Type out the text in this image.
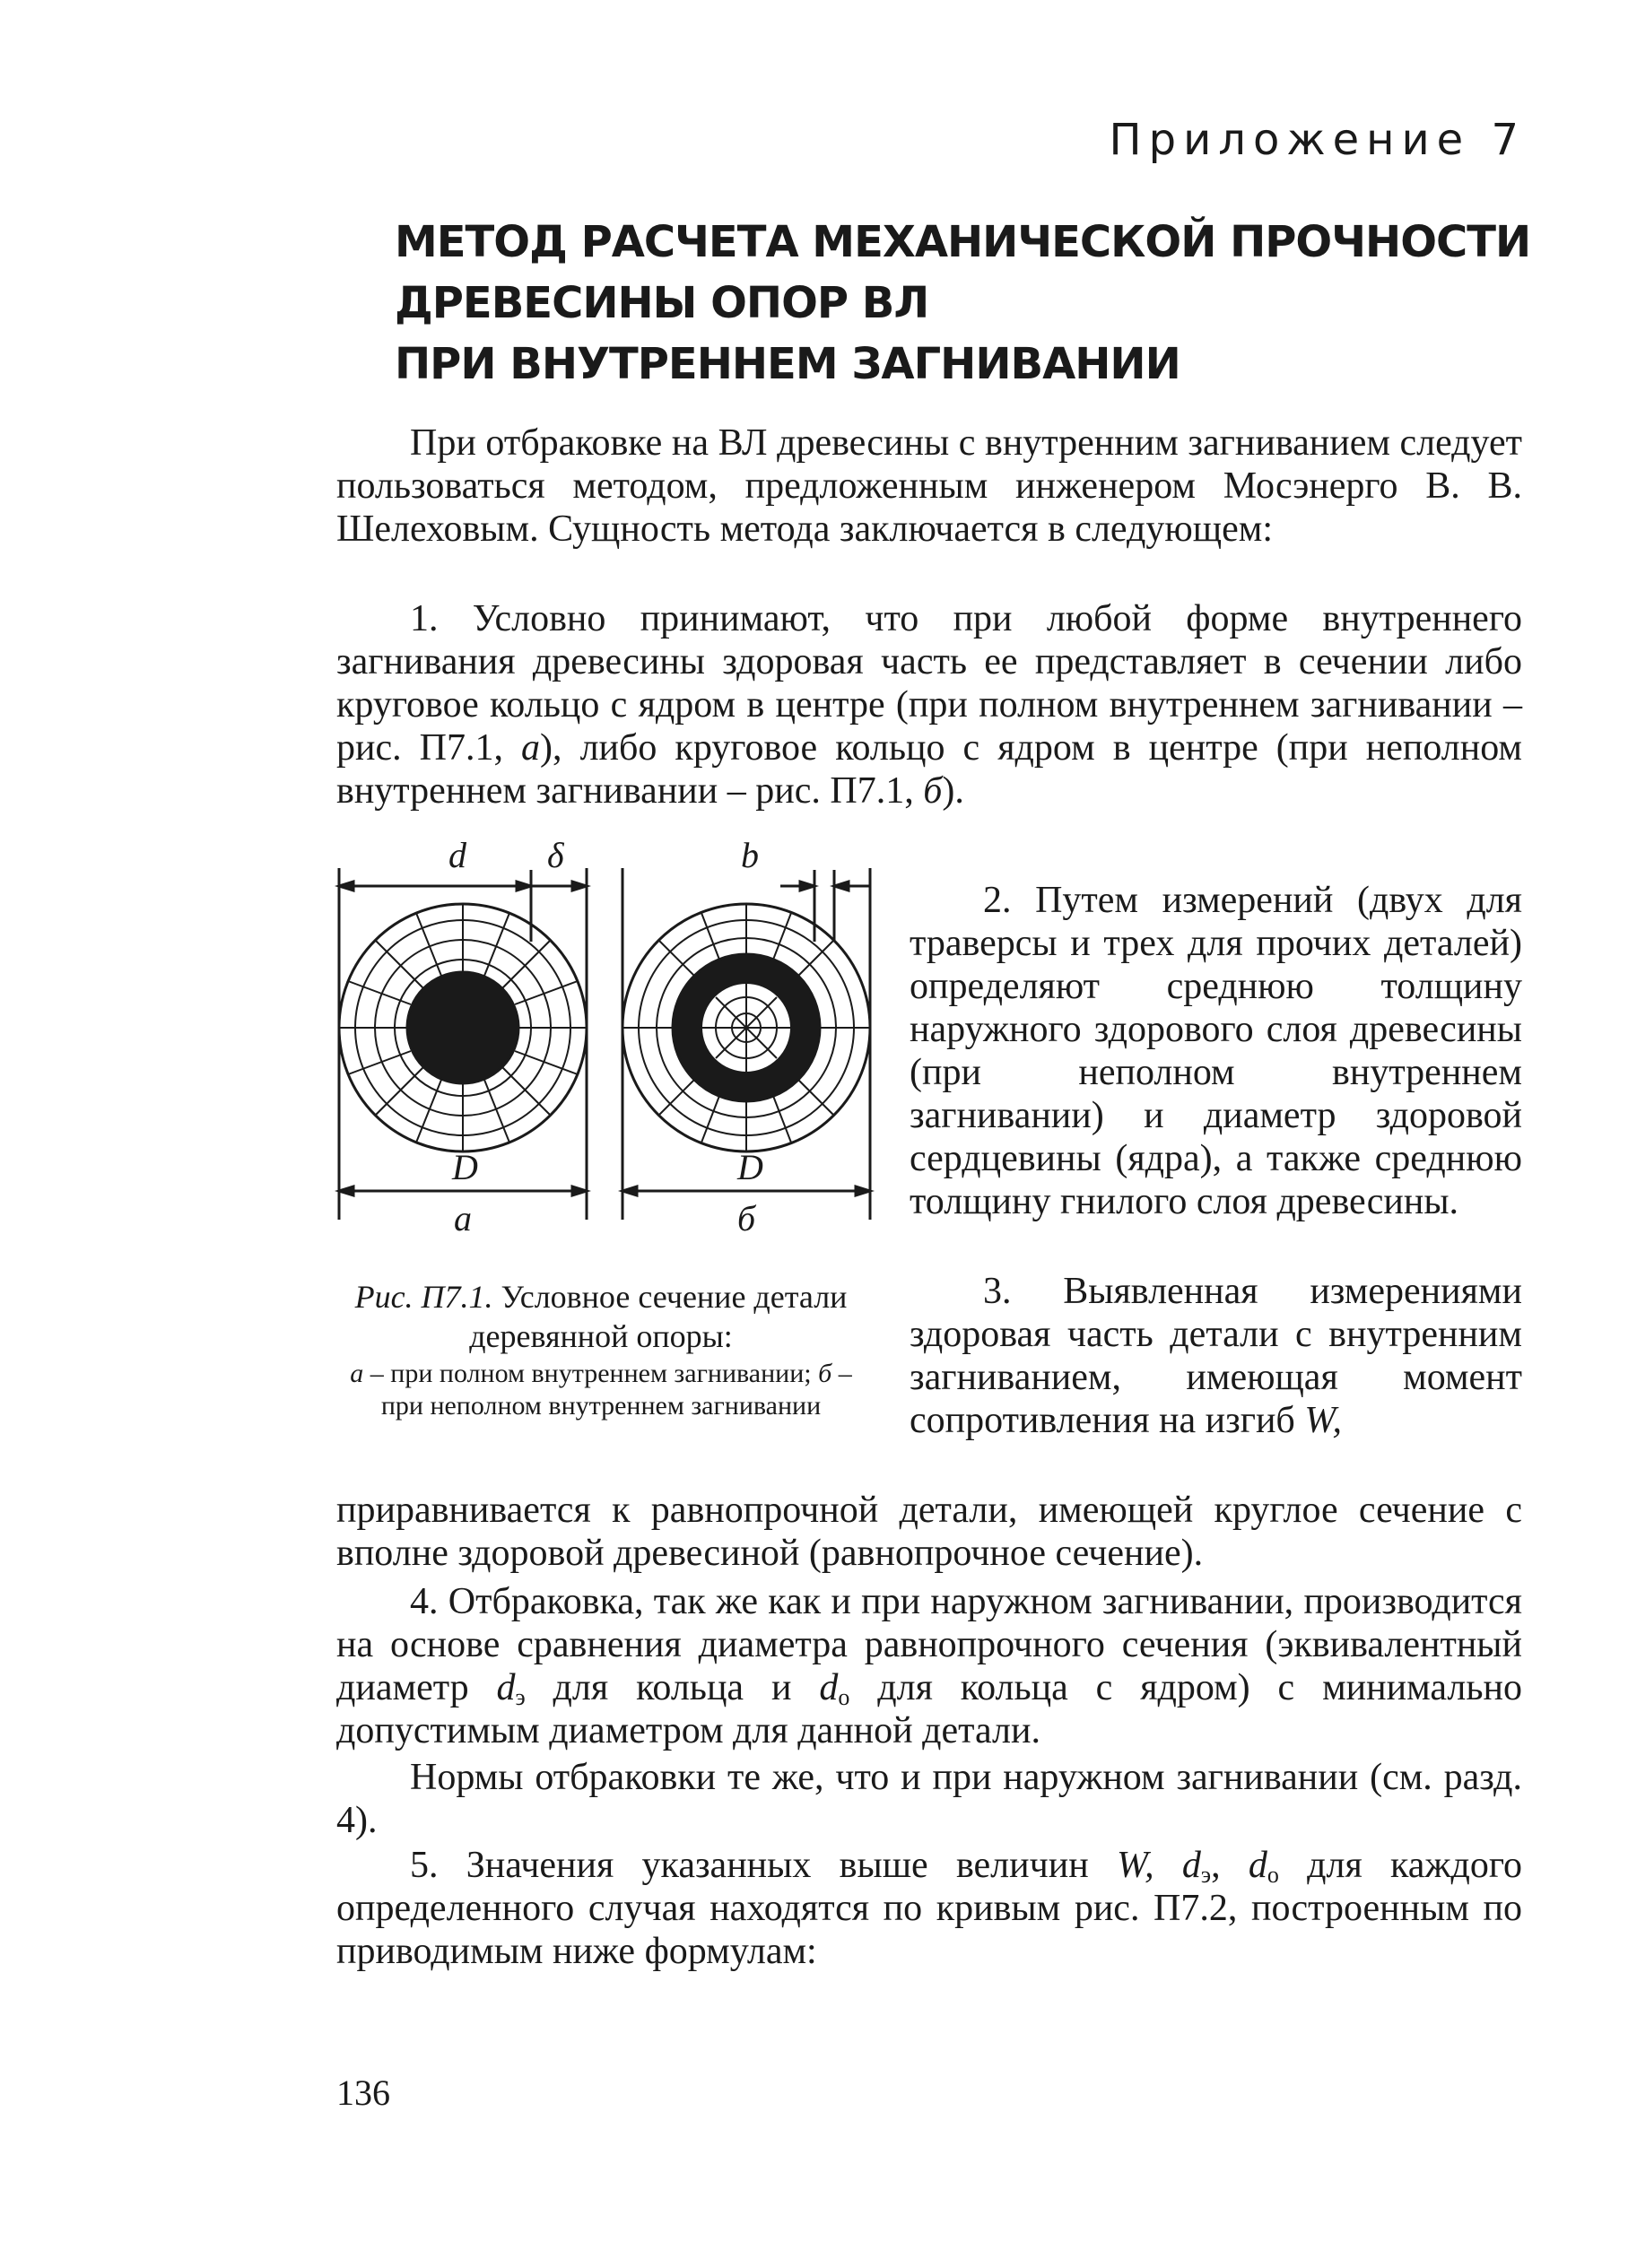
Приложение 7
МЕТОД РАСЧЕТА МЕХАНИЧЕСКОЙ ПРОЧНОСТИ
ДРЕВЕСИНЫ ОПОР ВЛ
ПРИ ВНУТРЕННЕМ ЗАГНИВАНИИ

При отбраковке на ВЛ древесины с внутренним загниванием следует пользоваться методом, предложенным инженером Мосэнерго В. В. Шелеховым. Сущность метода заключается в следующем:

1. Условно принимают, что при любой форме внутреннего загнивания древесины здоровая часть ее представляет в сечении либо круговое кольцо с ядром в центре (при полном внутреннем загнивании – рис. П7.1, а), либо круговое кольцо с ядром в центре (при неполном внутреннем загнивании – рис. П7.1, б).

2. Путем измерений (двух для траверсы и трех для прочих деталей) определяют среднюю толщину наружного здорового слоя древесины (при неполном внутреннем загнивании) и диаметр здоровой сердцевины (ядра), а также среднюю толщину гнилого слоя древесины.

3. Выявленная измерениями здоровая часть детали с внутренним загниванием, имеющая момент сопротивления на изгиб W,

приравнивается к равнопрочной детали, имеющей круглое сечение с вполне здоровой древесиной (равнопрочное сечение).

4. Отбраковка, так же как и при наружном загнивании, производится на основе сравнения диаметра равнопрочного сечения (эквивалентный диаметр $d_э$ для кольца и $d_о$ для кольца с ядром) с минимально допустимым диаметром для данной детали.

Нормы отбраковки те же, что и при наружном загнивании (см. разд. 4).

5. Значения указанных выше величин W, $d_э$, $d_о$ для каждого определенного случая находятся по кривым рис. П7.2, построенным по приводимым ниже формулам:

d δ	b
D	D
а	б
Рис. П7.1. Условное сечение детали деревянной опоры:
а – при полном внутреннем загнивании; б – при неполном внутреннем загнивании
136
